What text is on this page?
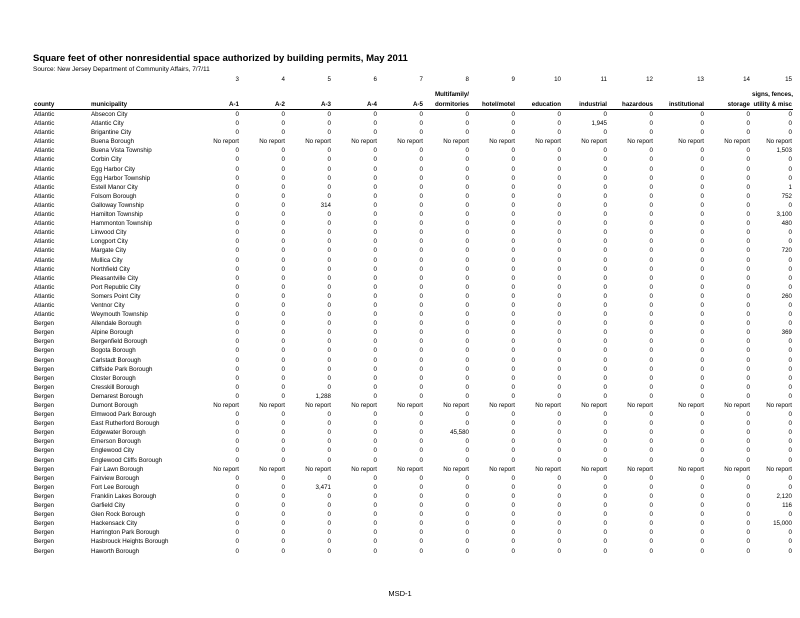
Square feet of other nonresidential space authorized by building permits, May 2011
Source: New Jersey Department of Community Affairs, 7/7/11
		3	4	5	6	7	8	9	10	11	12	13	14	15
							Multifamily/							signs, fences,
county	municipality	A-1	A-2	A-3	A-4	A-5	dormitories	hotel/motel	education	industrial	hazardous	institutional	storage	utility & misc
Atlantic	Absecon City	0	0	0	0	0	0	0	0	0	0	0	0	0
Atlantic	Atlantic City	0	0	0	0	0	0	0	0	1,945	0	0	0	0
Atlantic	Brigantine City	0	0	0	0	0	0	0	0	0	0	0	0	0
Atlantic	Buena Borough	No report	No report	No report	No report	No report	No report	No report	No report	No report	No report	No report	No report	No report
Atlantic	Buena Vista Township	0	0	0	0	0	0	0	0	0	0	0	0	1,503
Atlantic	Corbin City	0	0	0	0	0	0	0	0	0	0	0	0	0
Atlantic	Egg Harbor City	0	0	0	0	0	0	0	0	0	0	0	0	0
Atlantic	Egg Harbor Township	0	0	0	0	0	0	0	0	0	0	0	0	0
Atlantic	Estell Manor City	0	0	0	0	0	0	0	0	0	0	0	0	1
Atlantic	Folsom Borough	0	0	0	0	0	0	0	0	0	0	0	0	752
Atlantic	Galloway Township	0	0	314	0	0	0	0	0	0	0	0	0	0
Atlantic	Hamilton Township	0	0	0	0	0	0	0	0	0	0	0	0	3,100
Atlantic	Hammonton Township	0	0	0	0	0	0	0	0	0	0	0	0	480
Atlantic	Linwood City	0	0	0	0	0	0	0	0	0	0	0	0	0
Atlantic	Longport City	0	0	0	0	0	0	0	0	0	0	0	0	0
Atlantic	Margate City	0	0	0	0	0	0	0	0	0	0	0	0	720
Atlantic	Mullica City	0	0	0	0	0	0	0	0	0	0	0	0	0
Atlantic	Northfield City	0	0	0	0	0	0	0	0	0	0	0	0	0
Atlantic	Pleasantville City	0	0	0	0	0	0	0	0	0	0	0	0	0
Atlantic	Port Republic City	0	0	0	0	0	0	0	0	0	0	0	0	0
Atlantic	Somers Point City	0	0	0	0	0	0	0	0	0	0	0	0	260
Atlantic	Ventnor City	0	0	0	0	0	0	0	0	0	0	0	0	0
Atlantic	Weymouth Township	0	0	0	0	0	0	0	0	0	0	0	0	0
Bergen	Allendale Borough	0	0	0	0	0	0	0	0	0	0	0	0	0
Bergen	Alpine Borough	0	0	0	0	0	0	0	0	0	0	0	0	369
Bergen	Bergenfield Borough	0	0	0	0	0	0	0	0	0	0	0	0	0
Bergen	Bogota Borough	0	0	0	0	0	0	0	0	0	0	0	0	0
Bergen	Carlstadt Borough	0	0	0	0	0	0	0	0	0	0	0	0	0
Bergen	Cliffside Park Borough	0	0	0	0	0	0	0	0	0	0	0	0	0
Bergen	Closter Borough	0	0	0	0	0	0	0	0	0	0	0	0	0
Bergen	Cresskill Borough	0	0	0	0	0	0	0	0	0	0	0	0	0
Bergen	Demarest Borough	0	0	1,288	0	0	0	0	0	0	0	0	0	0
Bergen	Dumont Borough	No report	No report	No report	No report	No report	No report	No report	No report	No report	No report	No report	No report	No report
Bergen	Elmwood Park Borough	0	0	0	0	0	0	0	0	0	0	0	0	0
Bergen	East Rutherford Borough	0	0	0	0	0	0	0	0	0	0	0	0	0
Bergen	Edgewater Borough	0	0	0	0	0	45,580	0	0	0	0	0	0	0
Bergen	Emerson Borough	0	0	0	0	0	0	0	0	0	0	0	0	0
Bergen	Englewood City	0	0	0	0	0	0	0	0	0	0	0	0	0
Bergen	Englewood Cliffs Borough	0	0	0	0	0	0	0	0	0	0	0	0	0
Bergen	Fair Lawn Borough	No report	No report	No report	No report	No report	No report	No report	No report	No report	No report	No report	No report	No report
Bergen	Fairview Borough	0	0	0	0	0	0	0	0	0	0	0	0	0
Bergen	Fort Lee Borough	0	0	3,471	0	0	0	0	0	0	0	0	0	0
Bergen	Franklin Lakes Borough	0	0	0	0	0	0	0	0	0	0	0	0	2,120
Bergen	Garfield City	0	0	0	0	0	0	0	0	0	0	0	0	116
Bergen	Glen Rock Borough	0	0	0	0	0	0	0	0	0	0	0	0	0
Bergen	Hackensack City	0	0	0	0	0	0	0	0	0	0	0	0	15,000
Bergen	Harrington Park Borough	0	0	0	0	0	0	0	0	0	0	0	0	0
Bergen	Hasbrouck Heights Borough	0	0	0	0	0	0	0	0	0	0	0	0	0
Bergen	Haworth Borough	0	0	0	0	0	0	0	0	0	0	0	0	0
MSD-1
